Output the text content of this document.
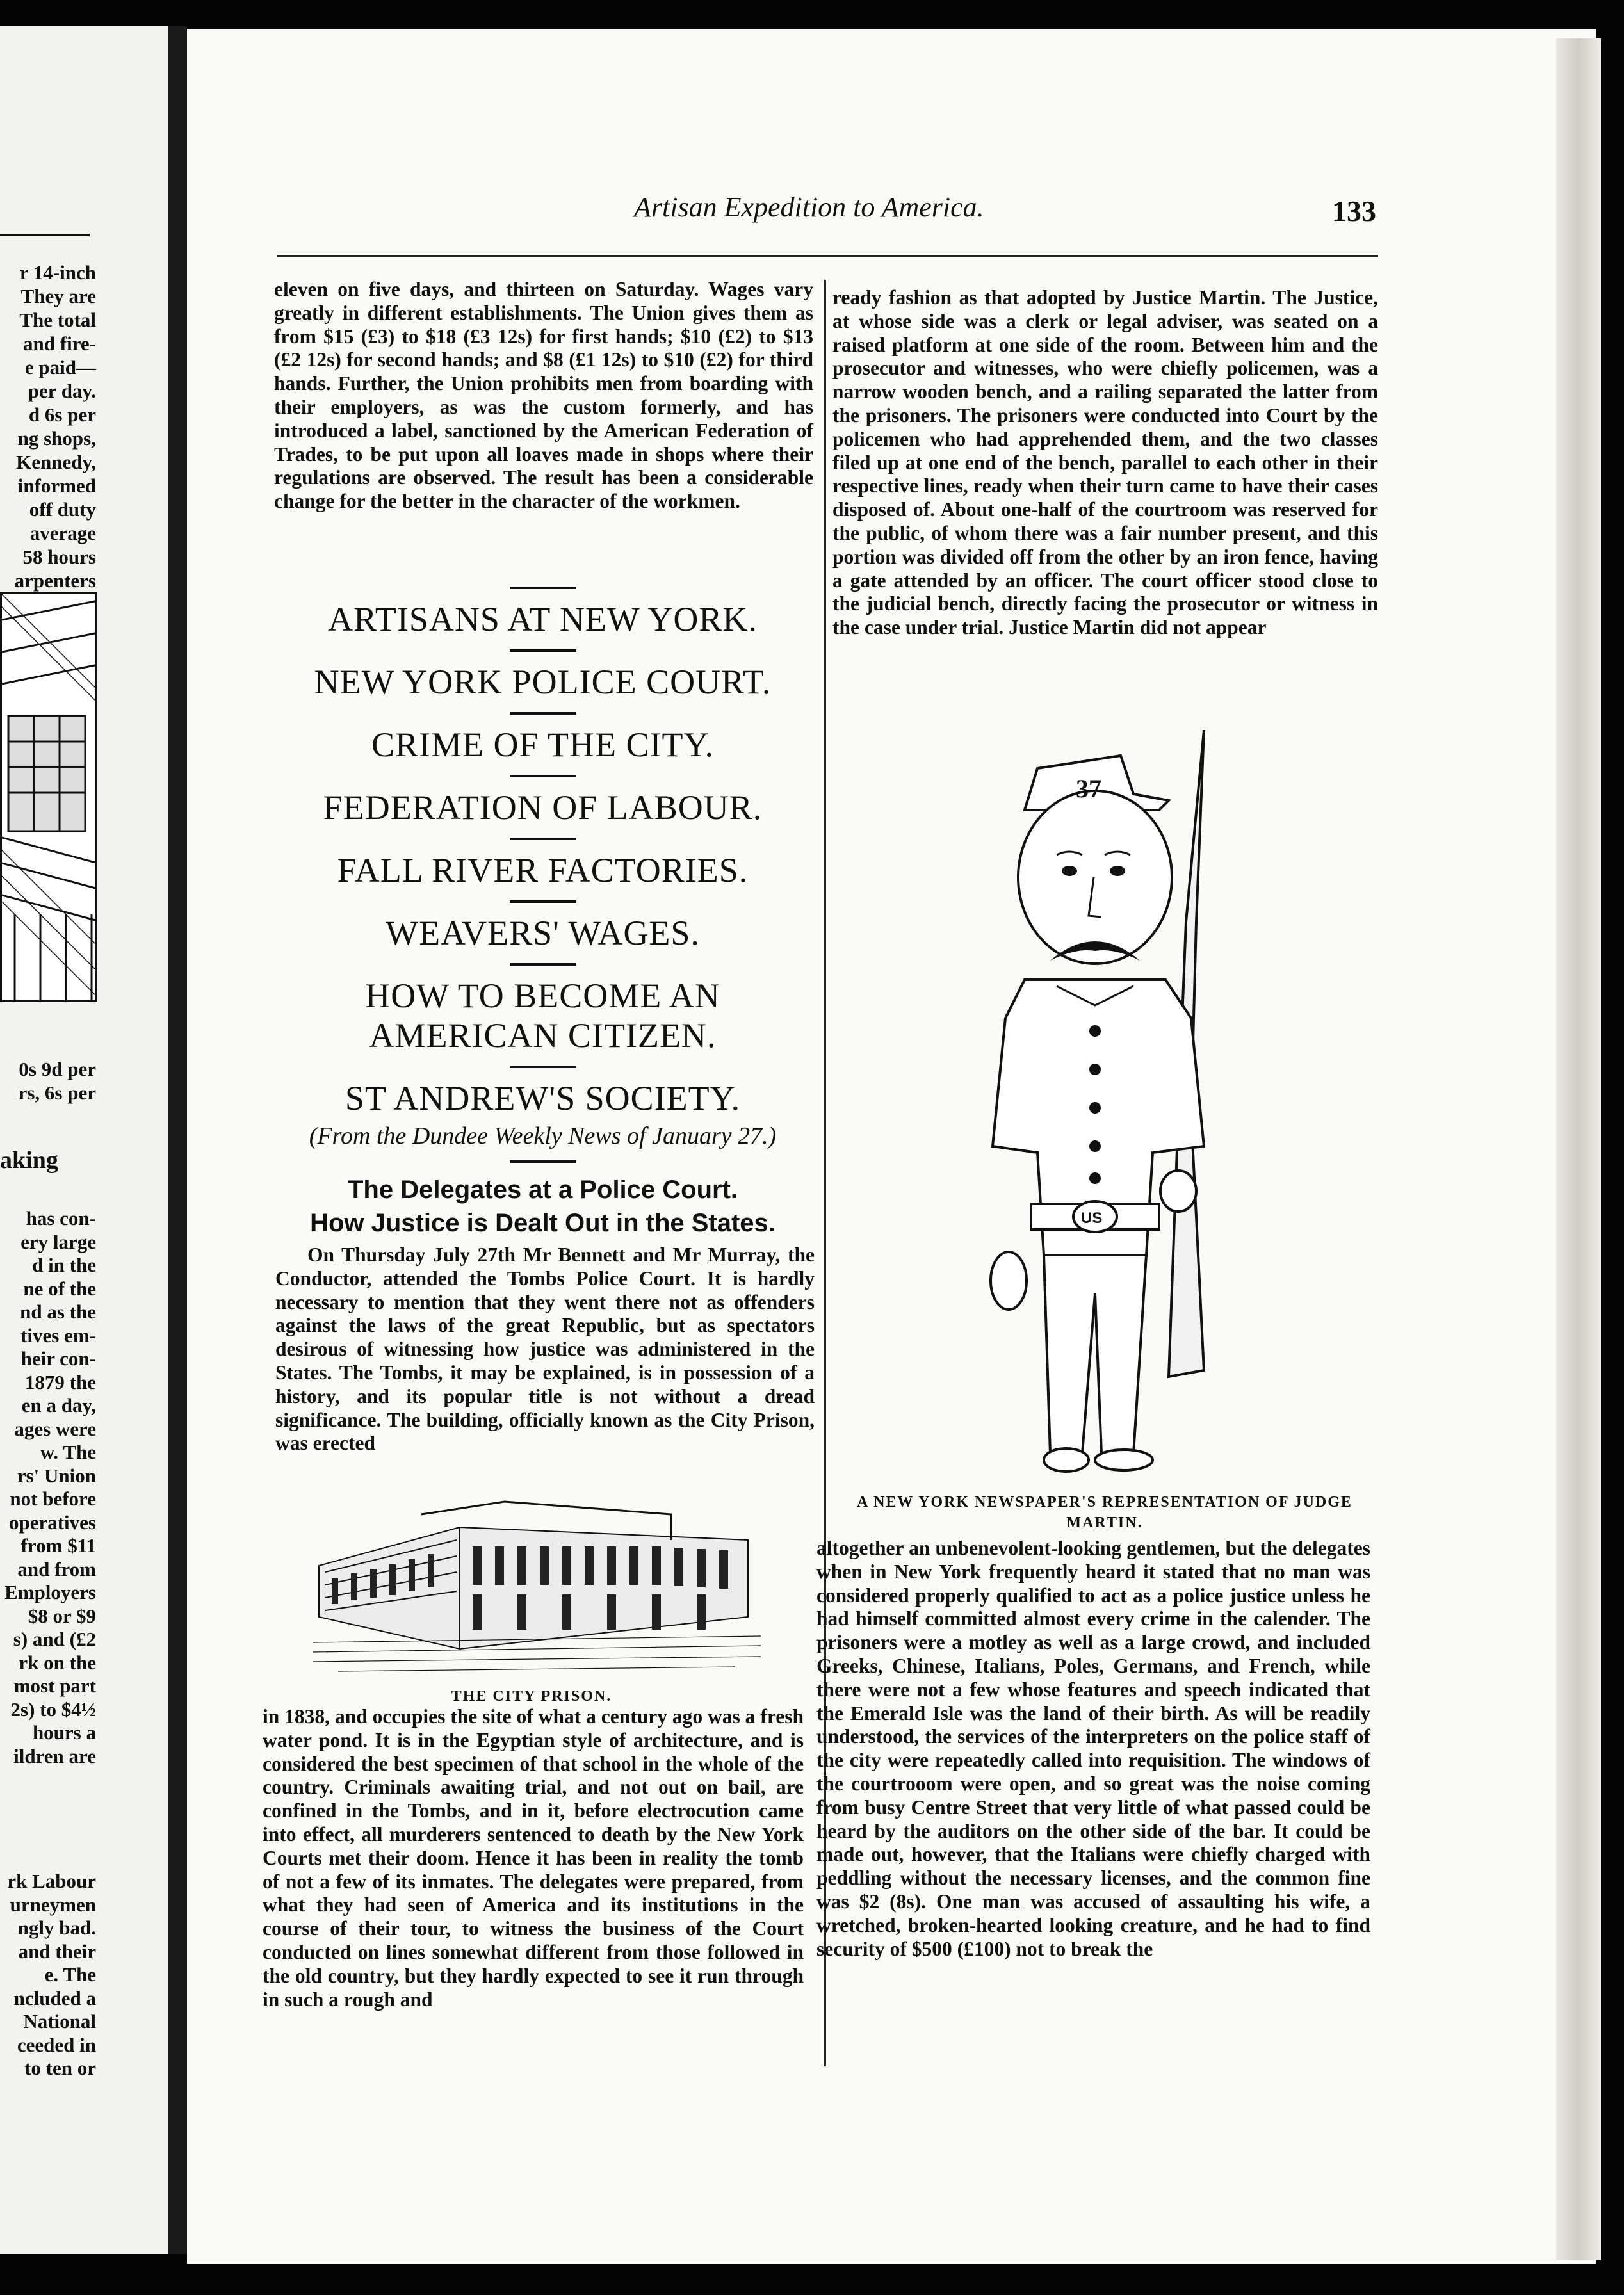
r 14-inch
They are
The total
and fire-
e paid—
per day.
d 6s per
ng shops,
Kennedy,
informed
off duty
average
58 hours
arpenters
0s 9d per
rs, 6s per
aking
has con-
ery large
d in the
ne of the
nd as the
tives em-
heir con-
1879 the
en a day,
ages were
w. The
rs' Union
not before
operatives
from $11
and from
Employers
$8 or $9
s) and (£2
rk on the
most part
2s) to $4½
hours a
ildren are
rk Labour
urneymen
ngly bad.
and their
e. The
ncluded a
National
ceeded in
to ten or
Artisan Expedition to America.	133

eleven on five days, and thirteen on Saturday. Wages vary greatly in different establishments. The Union gives them as from $15 (£3) to $18 (£3 12s) for first hands; $10 (£2) to $13 (£2 12s) for second hands; and $8 (£1 12s) to $10 (£2) for third hands. Further, the Union prohibits men from boarding with their employers, as was the custom formerly, and has introduced a label, sanctioned by the American Federation of Trades, to be put upon all loaves made in shops where their regulations are observed. The result has been a considerable change for the better in the character of the workmen.

ARTISANS AT NEW YORK.
NEW YORK POLICE COURT.
CRIME OF THE CITY.
FEDERATION OF LABOUR.
FALL RIVER FACTORIES.
WEAVERS' WAGES.
HOW TO BECOME AN
AMERICAN CITIZEN.
ST ANDREW'S SOCIETY.
(From the Dundee Weekly News of January 27.)
The Delegates at a Police Court.
How Justice is Dealt Out in the States.

On Thursday July 27th Mr Bennett and Mr Murray, the Conductor, attended the Tombs Police Court. It is hardly necessary to mention that they went there not as offenders against the laws of the great Republic, but as spectators desirous of witnessing how justice was administered in the States. The Tombs, it may be explained, is in possession of a history, and its popular title is not without a dread significance. The building, officially known as the City Prison, was erected

THE CITY PRISON.

in 1838, and occupies the site of what a century ago was a fresh water pond. It is in the Egyptian style of architecture, and is considered the best specimen of that school in the whole of the country. Criminals awaiting trial, and not out on bail, are confined in the Tombs, and in it, before electrocution came into effect, all murderers sentenced to death by the New York Courts met their doom. Hence it has been in reality the tomb of not a few of its inmates. The delegates were prepared, from what they had seen of America and its institutions in the course of their tour, to witness the business of the Court conducted on lines somewhat different from those followed in the old country, but they hardly expected to see it run through in such a rough and

ready fashion as that adopted by Justice Martin. The Justice, at whose side was a clerk or legal adviser, was seated on a raised platform at one side of the room. Between him and the prosecutor and witnesses, who were chiefly policemen, was a narrow wooden bench, and a railing separated the latter from the prisoners. The prisoners were conducted into Court by the policemen who had apprehended them, and the two classes filed up at one end of the bench, parallel to each other in their respective lines, ready when their turn came to have their cases disposed of. About one-half of the courtroom was reserved for the public, of whom there was a fair number present, and this portion was divided off from the other by an iron fence, having a gate attended by an officer. The court officer stood close to the judicial bench, directly facing the prosecutor or witness in the case under trial. Justice Martin did not appear

37
US
A NEW YORK NEWSPAPER'S REPRESENTATION OF JUDGE MARTIN.

altogether an unbenevolent-looking gentlemen, but the delegates when in New York frequently heard it stated that no man was considered properly qualified to act as a police justice unless he had himself committed almost every crime in the calender. The prisoners were a motley as well as a large crowd, and included Greeks, Chinese, Italians, Poles, Germans, and French, while there were not a few whose features and speech indicated that the Emerald Isle was the land of their birth. As will be readily understood, the services of the interpreters on the police staff of the city were repeatedly called into requisition. The windows of the courtrooom were open, and so great was the noise coming from busy Centre Street that very little of what passed could be heard by the auditors on the other side of the bar. It could be made out, however, that the Italians were chiefly charged with peddling without the necessary licenses, and the common fine was $2 (8s). One man was accused of assaulting his wife, a wretched, broken-hearted looking creature, and he had to find security of $500 (£100) not to break the
